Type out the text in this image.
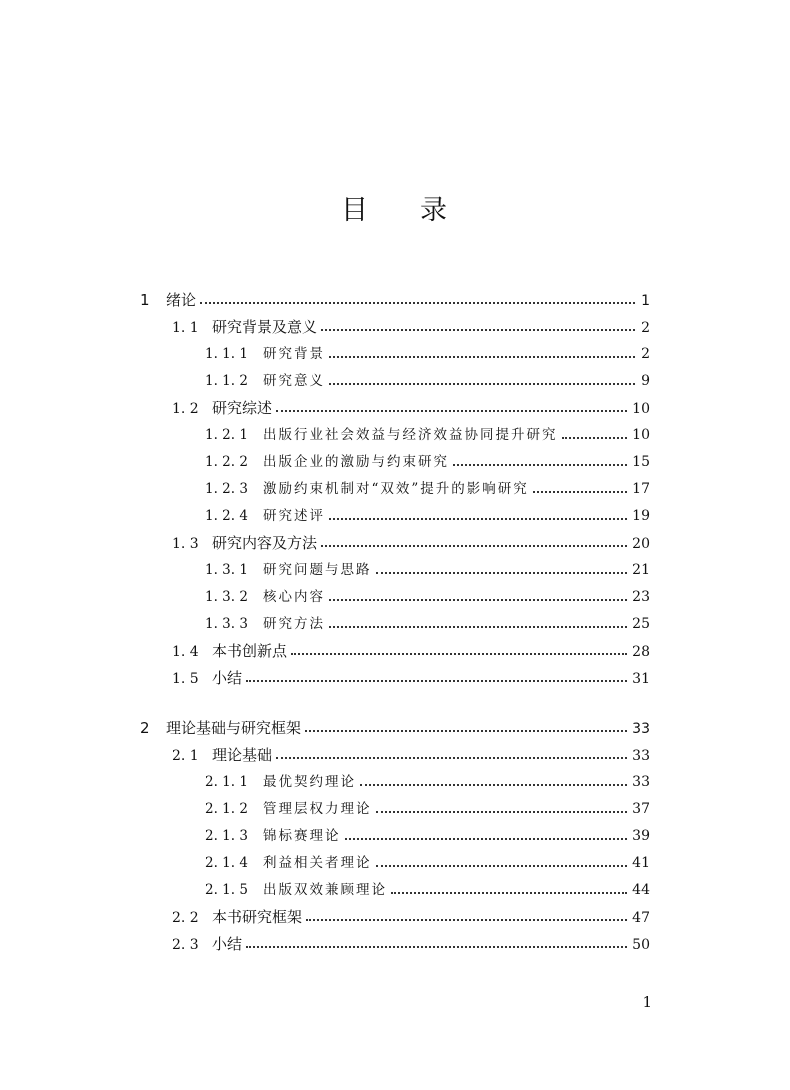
目 录
1	绪论	1
1. 1 研究背景及意义	2
1. 1. 1	研究背景	2
1. 1. 2	研究意义	9
1. 2 研究综述	10
1. 2. 1	出版行业社会效益与经济效益协同提升研究	10
1. 2. 2	出版企业的激励与约束研究	15
1. 2. 3	激励约束机制对“双效”提升的影响研究	17
1. 2. 4	研究述评	19
1. 3 研究内容及方法	20
1. 3. 1	研究问题与思路	21
1. 3. 2	核心内容	23
1. 3. 3	研究方法	25
1. 4 本书创新点	28
1. 5 小结	31
2	理论基础与研究框架	33
2. 1 理论基础	33
2. 1. 1	最优契约理论	33
2. 1. 2	管理层权力理论	37
2. 1. 3	锦标赛理论	39
2. 1. 4	利益相关者理论	41
2. 1. 5	出版双效兼顾理论	44
2. 2 本书研究框架	47
2. 3 小结	50
1
